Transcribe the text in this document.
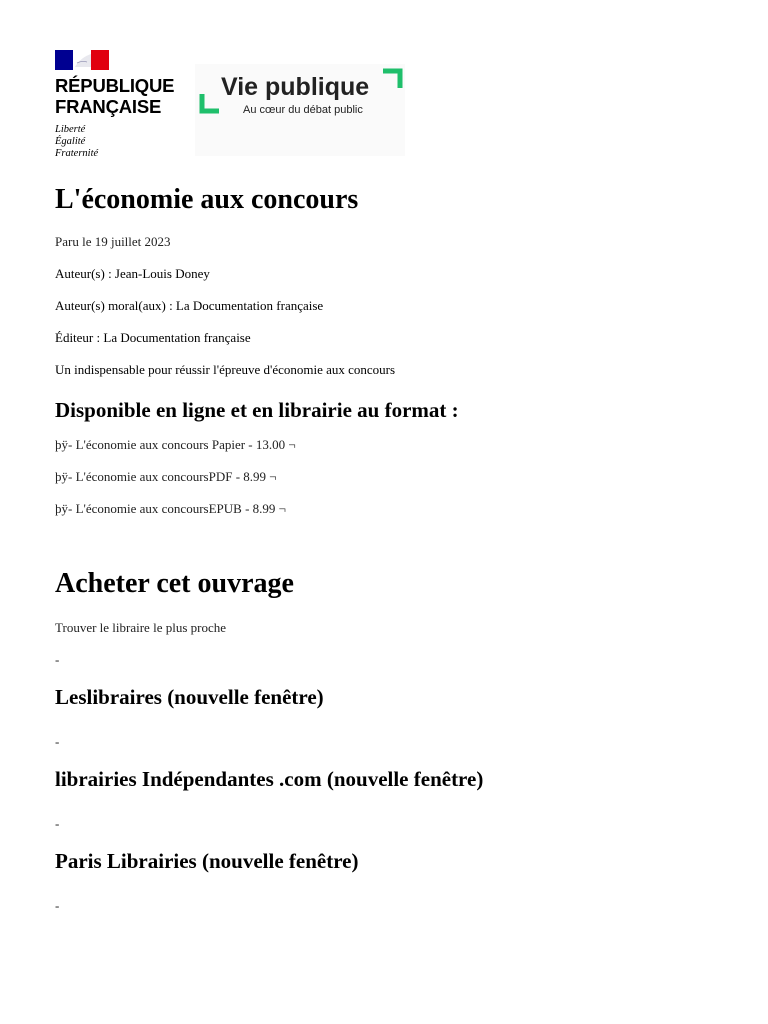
RÉPUBLIQUE
FRANÇAISE
Liberté
Égalité
Fraternité
Vie publique
Au cœur du débat public
L'économie aux concours

Paru le 19 juillet 2023

Auteur(s) : Jean-Louis Doney

Auteur(s) moral(aux) : La Documentation française

Éditeur : La Documentation française

Un indispensable pour réussir l'épreuve d'économie aux concours

Disponible en ligne et en librairie au format :

þÿ- L'économie aux concours Papier - 13.00 ¬

þÿ- L'économie aux concoursPDF - 8.99 ¬

þÿ- L'économie aux concoursEPUB - 8.99 ¬

Acheter cet ouvrage

Trouver le libraire le plus proche

-
Leslibraires (nouvelle fenêtre)
-
librairies Indépendantes .com (nouvelle fenêtre)
-
Paris Librairies (nouvelle fenêtre)
-
